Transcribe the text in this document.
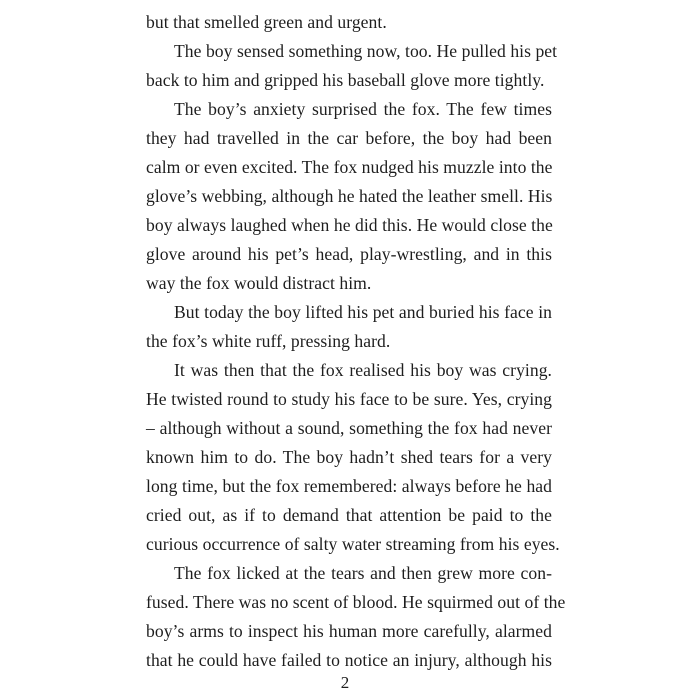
but that smelled green and urgent.
The boy sensed something now, too. He pulled his pet
back to him and gripped his baseball glove more tightly.
The boy’s anxiety surprised the fox. The few times
they had travelled in the car before, the boy had been
calm or even excited. The fox nudged his muzzle into the
glove’s webbing, although he hated the leather smell. His
boy always laughed when he did this. He would close the
glove around his pet’s head, play-wrestling, and in this
way the fox would distract him.
But today the boy lifted his pet and buried his face in
the fox’s white ruff, pressing hard.
It was then that the fox realised his boy was crying.
He twisted round to study his face to be sure. Yes, crying
– although without a sound, something the fox had never
known him to do. The boy hadn’t shed tears for a very
long time, but the fox remembered: always before he had
cried out, as if to demand that attention be paid to the
curious occurrence of salty water streaming from his eyes.
The fox licked at the tears and then grew more con-
fused. There was no scent of blood. He squirmed out of the
boy’s arms to inspect his human more carefully, alarmed
that he could have failed to notice an injury, although his
2
